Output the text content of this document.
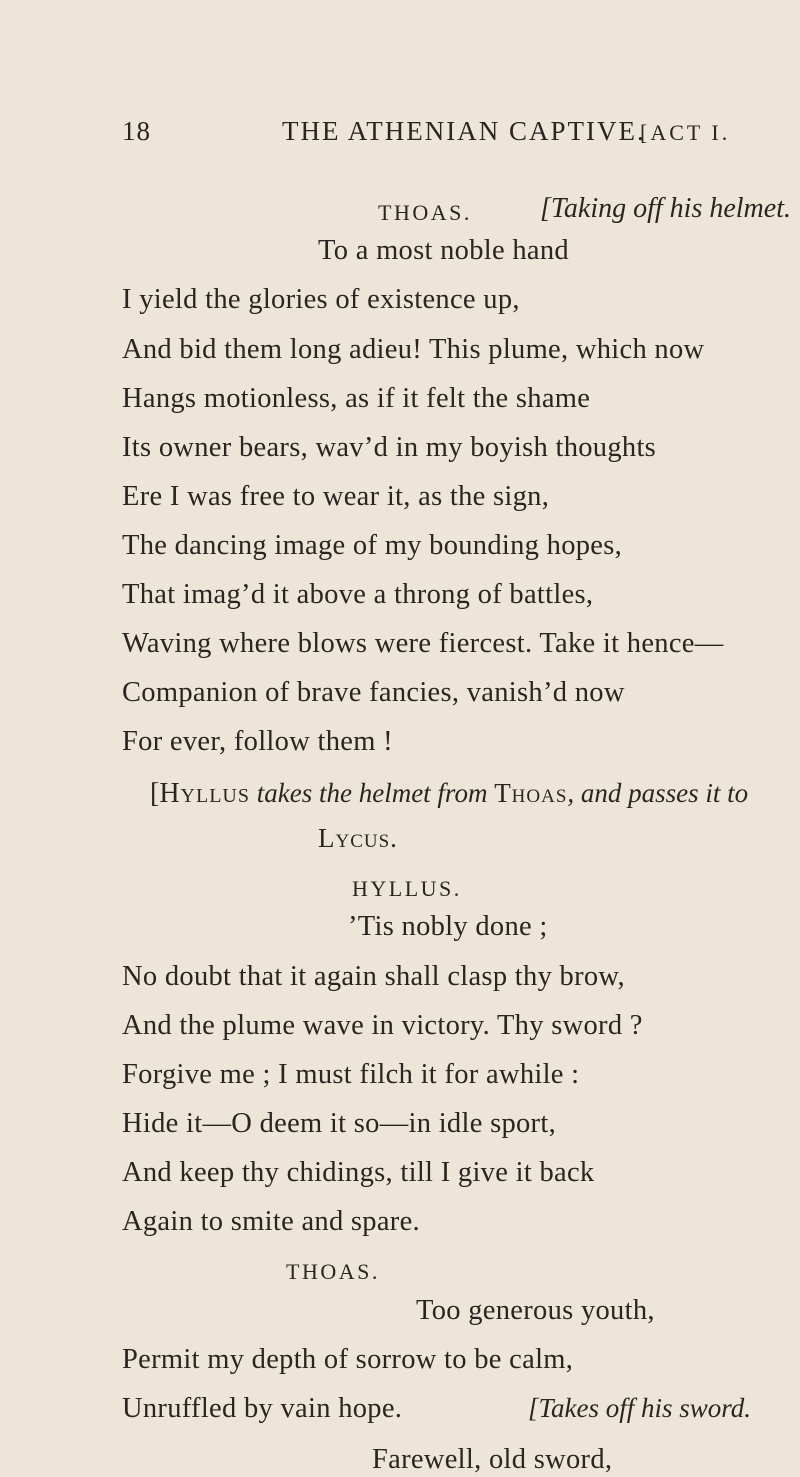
18	THE ATHENIAN CAPTIVE.
[ACT I.
THOAS. [Taking off his helmet.
To a most noble hand
I yield the glories of existence up,
And bid them long adieu! This plume, which now
Hangs motionless, as if it felt the shame
Its owner bears, wav’d in my boyish thoughts
Ere I was free to wear it, as the sign,
The dancing image of my bounding hopes,
That imag’d it above a throng of battles,
Waving where blows were fiercest. Take it hence—
Companion of brave fancies, vanish’d now
For ever, follow them !
[Hyllus takes the helmet from Thoas, and passes it to
Lycus.
HYLLUS.
’Tis nobly done ;
No doubt that it again shall clasp thy brow,
And the plume wave in victory. Thy sword ?
Forgive me ; I must filch it for awhile :
Hide it—O deem it so—in idle sport,
And keep thy chidings, till I give it back
Again to smite and spare.
THOAS.
Too generous youth,
Permit my depth of sorrow to be calm,
Unruffled by vain hope.	[Takes off his sword.
Farewell, old sword,
